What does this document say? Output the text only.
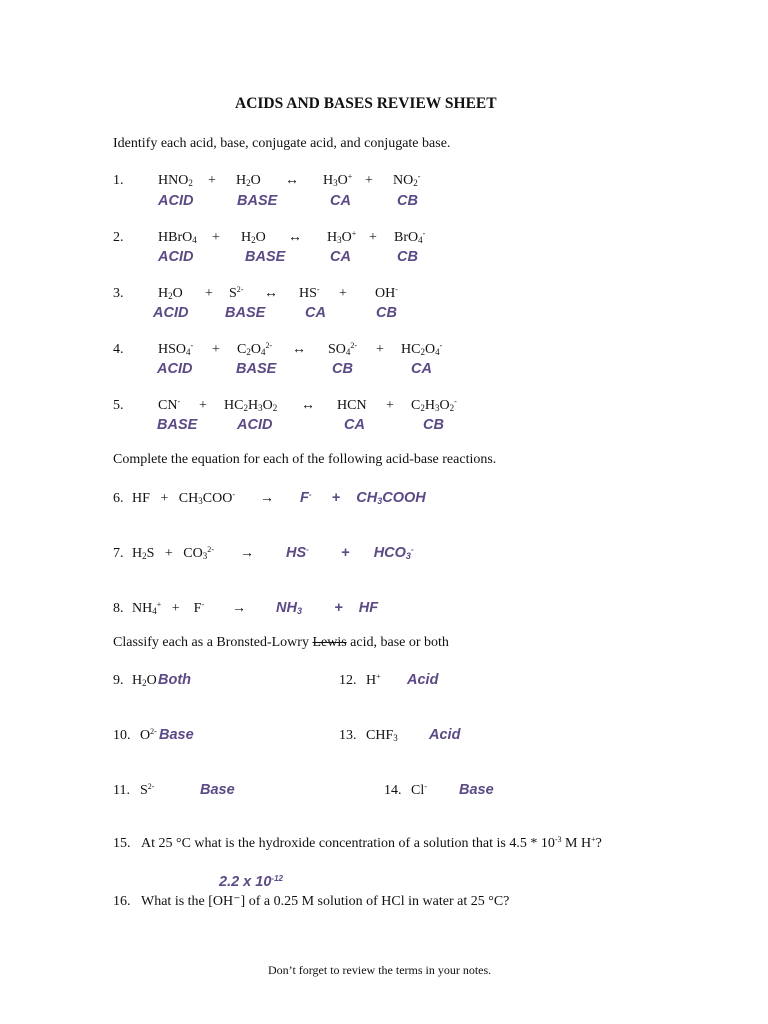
ACIDS AND BASES REVIEW SHEET
Identify each acid, base, conjugate acid, and conjugate base.
1. $HNO_2 + H_2O$ ↔ $H_3O^+ + NO_2^-$
ACID	BASE	CA	CB
2. HBrO$_4$ + $H_2O$ ↔ $H_3O^+ + BrO_4^-$
ACID	BASE	CA	CB
3. $H_2O + S^{2-}$ ↔ HS- + OH-
ACID	BASE	CA	CB
4. $HSO_4^- + C_2O_4^{2-}$ ↔ $SO_4^{2-} + HC_2O_4^-$
ACID	BASE	CB	CA
5. $CN^- + HC_2H_3O_2$ ↔ HCN + $C_2H_3O_2^-$
BASE	ACID	CA	CB
Complete the equation for each of the following acid-base reactions.
6. HF   +   $CH_3COO^- \to F^-$     +    $CH_3COOH$
7. $H_2S + CO_3^{2-} \to HS^-$        +      $HCO_3^-$
8. $NH_4^+$   +    $F^- \to NH_3$        +    HF
Classify each as a Bronsted-Lowry Lewis acid, base or both
9. $H_2O$ Both	12. H+ Acid
10. $O^{2-}$ Base	13. $CHF_3$ Acid
11. $S^{2-}$	Base	14. Cl- Base
15. At 25 °C what is the hydroxide concentration of a solution that is $4.5 * 10^{-3}$ M H+?
2.2 x $10^{-12}$
16. What is the [OH⁻] of a 0.25 M solution of HCl in water at 25 °C?
Don’t forget to review the terms in your notes.
